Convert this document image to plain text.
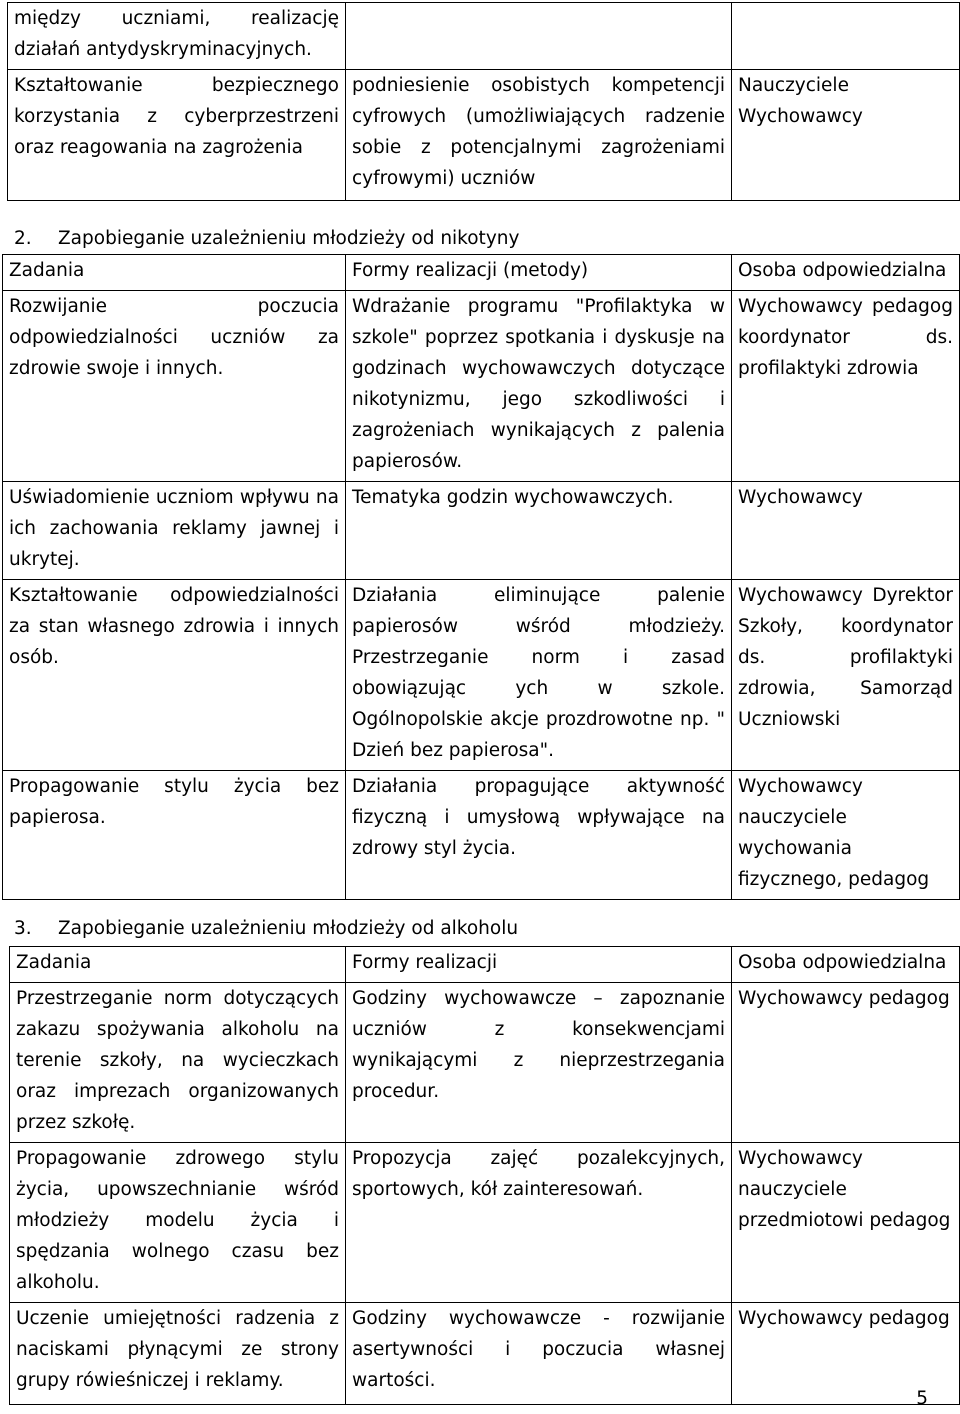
między uczniami, realizację działań antydyskryminacyjnych.		
Kształtowanie bezpiecznego korzystania z cyberprzestrzeni oraz reagowania na zagrożenia	podniesienie osobistych kompetencji cyfrowych (umożliwiających radzenie sobie z potencjalnymi zagrożeniami cyfrowymi) uczniów	Nauczyciele Wychowawcy
2. Zapobieganie uzależnieniu młodzieży od nikotyny
Zadania	Formy realizacji (metody)	Osoba odpowiedzialna
Rozwijanie poczucia odpowiedzialności uczniów za zdrowie swoje i innych.	Wdrażanie programu "Profilaktyka w szkole" poprzez spotkania i dyskusje na godzinach wychowawczych dotyczące nikotynizmu, jego szkodliwości i zagrożeniach wynikających z palenia papierosów.	Wychowawcy pedagog koordynator ds. profilaktyki zdrowia
Uświadomienie uczniom wpływu na ich zachowania reklamy jawnej i ukrytej.	Tematyka godzin wychowawczych.	Wychowawcy
Kształtowanie odpowiedzialności za stan własnego zdrowia i innych osób.	Działania eliminujące palenie papierosów wśród młodzieży. Przestrzeganie norm i zasad obowiązując ych w szkole. Ogólnopolskie akcje prozdrowotne np. " Dzień bez papierosa".	Wychowawcy Dyrektor Szkoły, koordynator ds. profilaktyki zdrowia, Samorząd Uczniowski
Propagowanie stylu życia bez papierosa.	Działania propagujące aktywność fizyczną i umysłową wpływające na zdrowy styl życia.	Wychowawcy nauczyciele wychowania fizycznego, pedagog
3. Zapobieganie uzależnieniu młodzieży od alkoholu
Zadania	Formy realizacji	Osoba odpowiedzialna
Przestrzeganie norm dotyczących zakazu spożywania alkoholu na terenie szkoły, na wycieczkach oraz imprezach organizowanych przez szkołę.	Godziny wychowawcze – zapoznanie uczniów z konsekwencjami wynikającymi z nieprzestrzegania procedur.	Wychowawcy pedagog
Propagowanie zdrowego stylu życia, upowszechnianie wśród młodzieży modelu życia i spędzania wolnego czasu bez alkoholu.	Propozycja zajęć pozalekcyjnych, sportowych, kół zainteresowań.	Wychowawcy nauczyciele przedmiotowi pedagog
Uczenie umiejętności radzenia z naciskami płynącymi ze strony grupy rówieśniczej i reklamy.	Godziny wychowawcze - rozwijanie asertywności i poczucia własnej wartości.	Wychowawcy pedagog
5
